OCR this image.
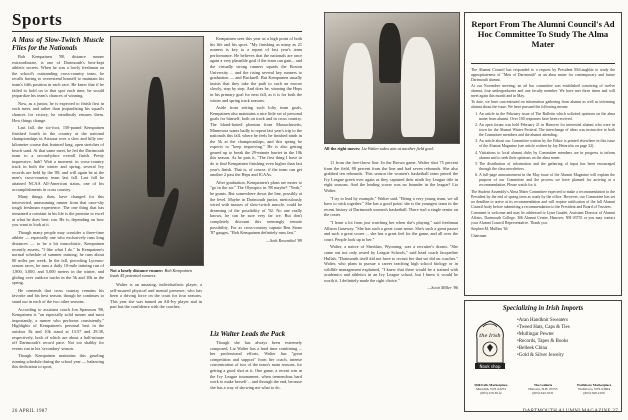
Sports

A Mass of Slow-Twitch Muscle Flies for the Nationals

Bob Kempainen '88, distance runner extraordinaire, is one of Dartmouth's best-kept athletic secrets. When he was a lowly freshman on the school's outstanding cross-country team, he recalls having to overextend himself to maintain his team's fifth position in each race. He knew that if he failed to hold on to that spot each time, he would jeopardize his team's chances of winning.

Now, as a junior, he is expected to finish first in each meet, and rather than jeopardizing his squad's chances for victory, he steadfastly ensures them. How things change.

Last fall, the six-foot, 150-pound Kempainen finished fourth in the country at the national championships in Arizona over a slow and hilly ten-kilometer course that featured long, open stretches of beach sand. At that same meet, he led the Dartmouth team to a second-place overall finish. Pretty impressive, huh? Wait a moment: in cross-country track in both the winter and spring, several Ivy records are held by the '88, and will again be at the men's cross-country team last fall. Last fall he attained NCAA All-American status, one of his accomplishments in cross country.

Many things, then, have changed for this introverted, unassuming runner from that once-shy tough freshman experience. The one thing that has remained a constant in his life is the promise to excel at what he does best: run. He is, depending on how you want to look at it.

Though many people may consider a three-time athlete — especially one who exclusively runs long distances — to be a bit masochistic, Kempainen recently asserts, "I like what I do." In Kempainen's normal schedule of summer training, he runs about 80 miles per week. In the fall, preceding Lyceum-season races, he runs a daily 10-mile training run of 1,800, 3,000, and 5,000 meters in the winter, and gliding over outdoor tracks in the 5k and 10k in the spring.

He contends that cross country remains his favorite and his best season, though he continues to stand out in each of the two other seasons.

According to assistant coach Jon Spaeason '88, Kempainen is "an especially solid runner and most importantly, a runner who performs consistently." Highlights of Kempainen's personal best in the outdoor 5k and 10k stand at 13:57 and 29:38, respectively, both of which are about a half-minute off Dartmouth's record pace. Not too shabby for events run in his 'secondary' season.

Though Kempainen maintains this grueling running schedule during the school year — balancing this dedication to sport,

Not a lonely distance runner: Bob Kempainen leads 45 potential runners.

Walter is an amazing, individualistic player, a self-assured physical and mental presence, who has been a driving force on the court for four seasons. This year she was named an All-Ivy player and in part has the confidence with the coaches.

Kempainen sees this year as a high point of both his life and his sport. "My finishing as many as 21 runners is key to a repeat of last year's team performance. He believes that the nationals are once again a very plausible goal if the team can gain... and the virtually strong runners squads the Boston University ... and the rising several key runners to graduation — and Bucknell. But Kempainen usually insists that they take the path to such an encore slowly, step by step. And does he, winning the Heps in his primary goal for next fall, as it is for both the winter and spring track seasons.

Aside from setting such lofty team goals, Kempainen also maintains a nice little set of personal goals for himself, both on track and in cross country. The blond-haired phenom from Massachusetts, Minnesota wants badly to repeat last year's trip to the nationals this fall, where he feels he finished ninth in the 5k at the championships, and this spring he expects to "keep improving." He is also getting geared up to break the 29-minute barrier in the 10k this season. As he puts it, "The first thing I have to do is find Kempainen finishing even higher than last year's finish. That is, of course, if the team can get another 2 past the Heps and ICAAs.

After graduation, Kempainen's plans are easier to "go in the air." The Olympics in '88 maybe? "Yeah," he grants. But somewhere down the line, possibly at the level. Maybe in Dartmouth junior, meticulously wired with masses of slow-twitch muscle, could be dreaming of the possibility of '92. No one really knows, he can be sure very far we. But don't completely discount this seemingly remote possibility. For as cross-country captain Ben Stone '87 gauges, "Bob Kempainen definitely runs fast."

—Seth Rosenthal '89

Liz Walter Leads the Pack

Though she has always been extremely composed, Liz Walter has a hard time combining ... her professional efforts, Walter has "great competition and support" from her coach, intense concentration of two of the team's main reasons, for getting a good shot at it. One game, a recent win in the Ivy League tournament, when tremendous hard work to make herself ... and through the end, because she has a way of showing me what to do.

26 APRIL 1987
All the right moves: Liz Walter takes aim at another field goal.

11 from the free-throw line. In the Brown game, Walter shot 75 percent from the field, 88 percent from the line and had seven rebounds. She also grabbed ten rebounds. This season the women's basketball team paired the Ivy League green over again as they captured their ninth Ivy League title in eight seasons. And the leading scorer was no bounder in the league? Liz Walter.

"I try to lead by example," Walter said. "Being a very young team, we all have to stick together." She has a good point: she is the youngest team in the recent history of Dartmouth women's basketball. There isn't a single senior on the roster.

"I learn a lot from just watching her when she's playing," said freshman Allison Gaseway. "She has such a great court sense. She's such a great passer and such a great scorer ... she has a great feel for the game, and all over the court. People look up to her."

Walter, a native of Sheridan, Wyoming, was a recruiter's dream. "She came out not only rested by League Schools," said head coach Jacqueline Hullah, "Dartmouth itself did not have to recruit her that we did on coaches." Walter, who plans to pursue a career teaching high school biology or in wildlife management explained, "I knew that there would be a trained with academics and athletics in an Ivy League school, but I knew it would be worth it. I definitely made the right choice."

—Scott Miller '86

Report From The Alumni Council's Ad Hoc Committee To Study The Alma Mater

The Alumni Council has responded to a request by President McLaughlin to study the appropriateness of "Men of Dartmouth" as an alma mater for contemporary and future Dartmouth alumni.

At our November meeting, an ad hoc committee was established consisting of twelve alumni, four undergraduates and one faculty member. We have met three times and will meet again this month and in May.

To date, we have concentrated on information gathering from alumni as well as informing alumni about the issue. We have pursued the following means:

1. An article in the February issue of The Bulletin which solicited opinions on the alma mater from alumni. Over 100 responses have been received.
2. An open forum was held February 21 in Hanover for interested alumni who were in town for the Alumni Winter Festival. The interchange of ideas was instructive to both the Committee members and the alumni attending.
3. An article about our Committee written by the Editor is printed elsewhere in this issue of the Alumni Magazine (see article written by Jay Heinrichs on page 32).
4. Visitations to local alumni clubs by Committee members are in progress to inform alumni and to seek their opinions on the alma mater.
5. The distribution of information and the gathering of input has been encouraged through the class newsletters.
6. A full-page announcement in the May issue of the Alumni Magazine will explain the purpose of our Committee and the process we have planned for arriving at a recommendation. Please watch for it.

The Student Assembly's Alma Mater Committee expected to make a recommendation to the President by the end of spring term as study by the office. However, our Committee has set no deadline to arrive at its recommendation and will require ratification of the full Alumni Council body before submitting a recommendation to the President and Board of Trustees.

Comment is welcome and may be addressed to Lynn Gaudet, Assistant Director of Alumni Affairs, Dartmouth College, 306 Alumni Center, Hanover, NH 03755 or you may contact your Alumni Council Representative. Thank you.

Stephen M. Mullins '64

Chairman

Specializing in Irish Imports
the Irish
Nook shop
• Aran Handknit Sweaters
• Tweed Hats, Caps & Ties
• Mullingar Pewter
• Records, Tapes & Books
• Belleek China
• Gold & Silver Jewelry
Mill Falls Marketplace
Meredith, N.H. 03253
(603) 279-6512
The Galleria
Hanover, N.H. 03755
(603) 643-3531
Wolfeboro Marketplace
Wolfeboro, N.H. 03894
(603) 569-2100
DARTMOUTH ALUMNI MAGAZINE 27
